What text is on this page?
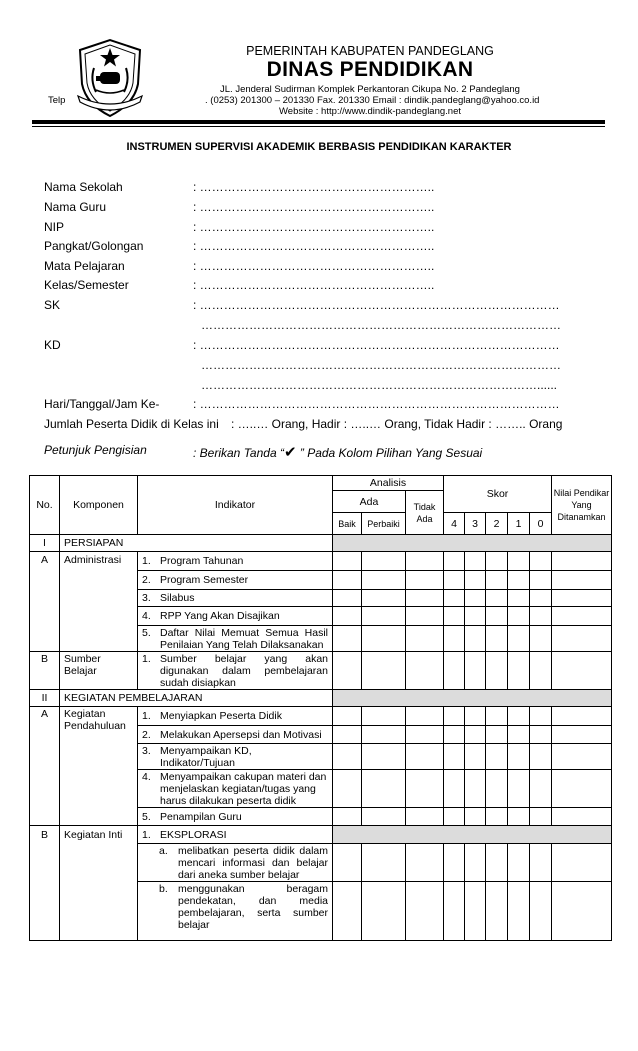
PEMERINTAH KABUPATEN PANDEGLANG
DINAS PENDIDIKAN
JL. Jenderal Sudirman Komplek Perkantoran Cikupa No. 2 Pandeglang
Telp	. (0253) 201300 – 201330 Fax. 201330 Email : dindik.pandeglang@yahoo.co.id
Website : http://www.dindik-pandeglang.net
INSTRUMEN SUPERVISI AKADEMIK BERBASIS PENDIDIKAN KARAKTER
Nama Sekolah	: …………………………………………………..
Nama Guru	: …………………………………………………..
NIP	: …………………………………………………..
Pangkat/Golongan	: …………………………………………………..
Mata Pelajaran	: …………………………………………………..
Kelas/Semester	: …………………………………………………..
SK	: ………………………………………………………………………………
………………………………………………………………………………
KD	: ………………………………………………………………………………
………………………………………………………………………………
…………………………………………………………………………......
Hari/Tanggal/Jam Ke-	: ………………………………………………………………………………
Jumlah Peserta Didik di Kelas ini : …..… Orang, Hadir : …..… Orang, Tidak Hadir : …….. Orang
Petunjuk Pengisian	: Berikan Tanda “✔ ” Pada Kolom Pilihan Yang Sesuai
No.	Komponen	Indikator	Analisis			Skor					Nilai Pendikar Yang Ditanamkan
			Ada		Tidak Ada						
			Baik	Perbaiki		4	3	2	1	0	
I	PERSIAPAN										
A	Administrasi	1. Program Tahunan									

		2. Program Semester									

		3. Silabus									

		4. RPP Yang Akan Disajikan									

		5. Daftar Nilai Memuat Semua Hasil Penilaian Yang Telah Dilaksanakan									

B	Sumber Belajar	1. Sumber belajar yang akan digunakan dalam pembelajaran sudah disiapkan									

II	KEGIATAN PEMBELAJARAN										
A	Kegiatan Pendahuluan	1. Menyiapkan Peserta Didik									

		2. Melakukan Apersepsi dan Motivasi									

		3. Menyampaikan KD, Indikator/Tujuan									

		4. Menyampaikan cakupan materi dan menjelaskan kegiatan/tugas yang harus dilakukan peserta didik									

		5. Penampilan Guru									

B	Kegiatan Inti	1. EKSPLORASI									

		a. melibatkan peserta didik dalam mencari informasi dan belajar dari aneka sumber belajar									

		b. menggunakan beragam pendekatan, dan media pembelajaran, serta sumber belajar									
